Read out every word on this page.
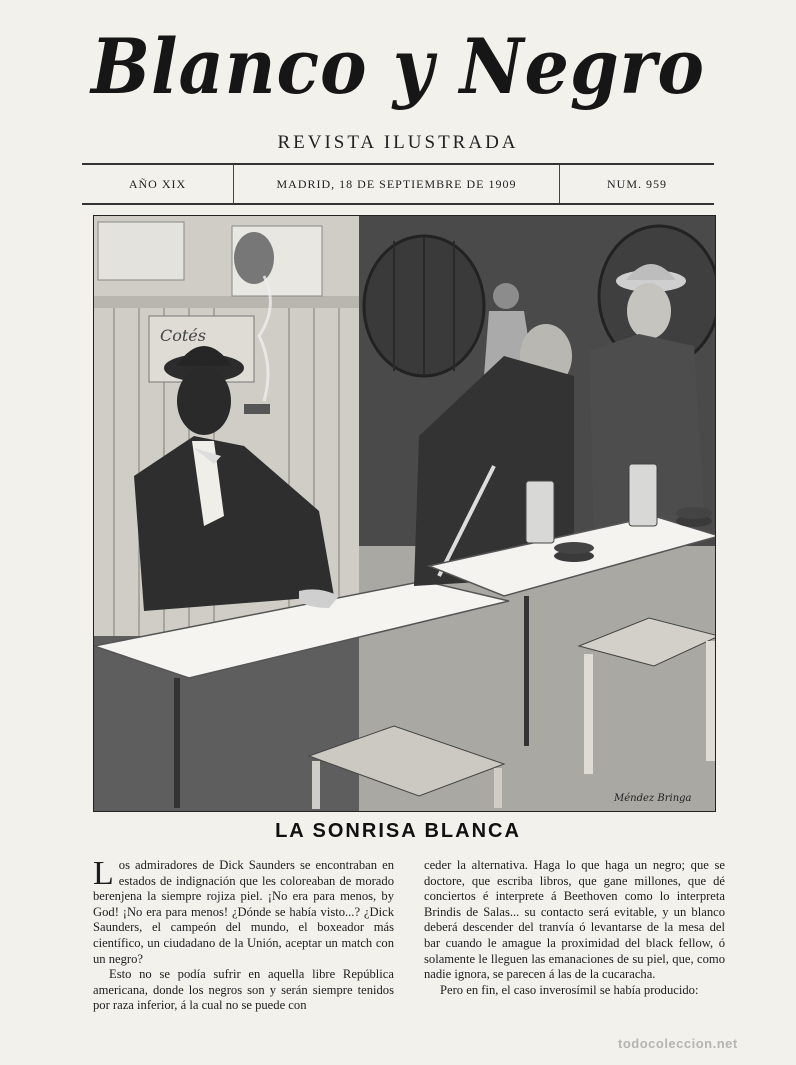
Blanco y Negro
REVISTA ILUSTRADA
AÑO XIX	MADRID, 18 DE SEPTIEMBRE DE 1909	NUM. 959
Cotés
Méndez Bringa
LA SONRISA BLANCA

Los admiradores de Dick Saunders se encontraban en estados de indignación que les coloreaban de morado berenjena la siempre rojiza piel. ¡No era para menos, by God! ¡No era para menos! ¿Dónde se había visto...? ¿Dick Saunders, el campeón del mundo, el boxeador más científico, un ciudadano de la Unión, aceptar un match con un negro?

Esto no se podía sufrir en aquella libre República americana, donde los negros son y serán siempre tenidos por raza inferior, á la cual no se puede con

ceder la alternativa. Haga lo que haga un negro; que se doctore, que escriba libros, que gane millones, que dé conciertos é interprete á Beethoven como lo interpreta Brindis de Salas... su contacto será evitable, y un blanco deberá descender del tranvía ó levantarse de la mesa del bar cuando le amague la proximidad del black fellow, ó solamente le lleguen las emanaciones de su piel, que, como nadie ignora, se parecen á las de la cucaracha.

Pero en fin, el caso inverosímil se había producido:

todocoleccion.net
